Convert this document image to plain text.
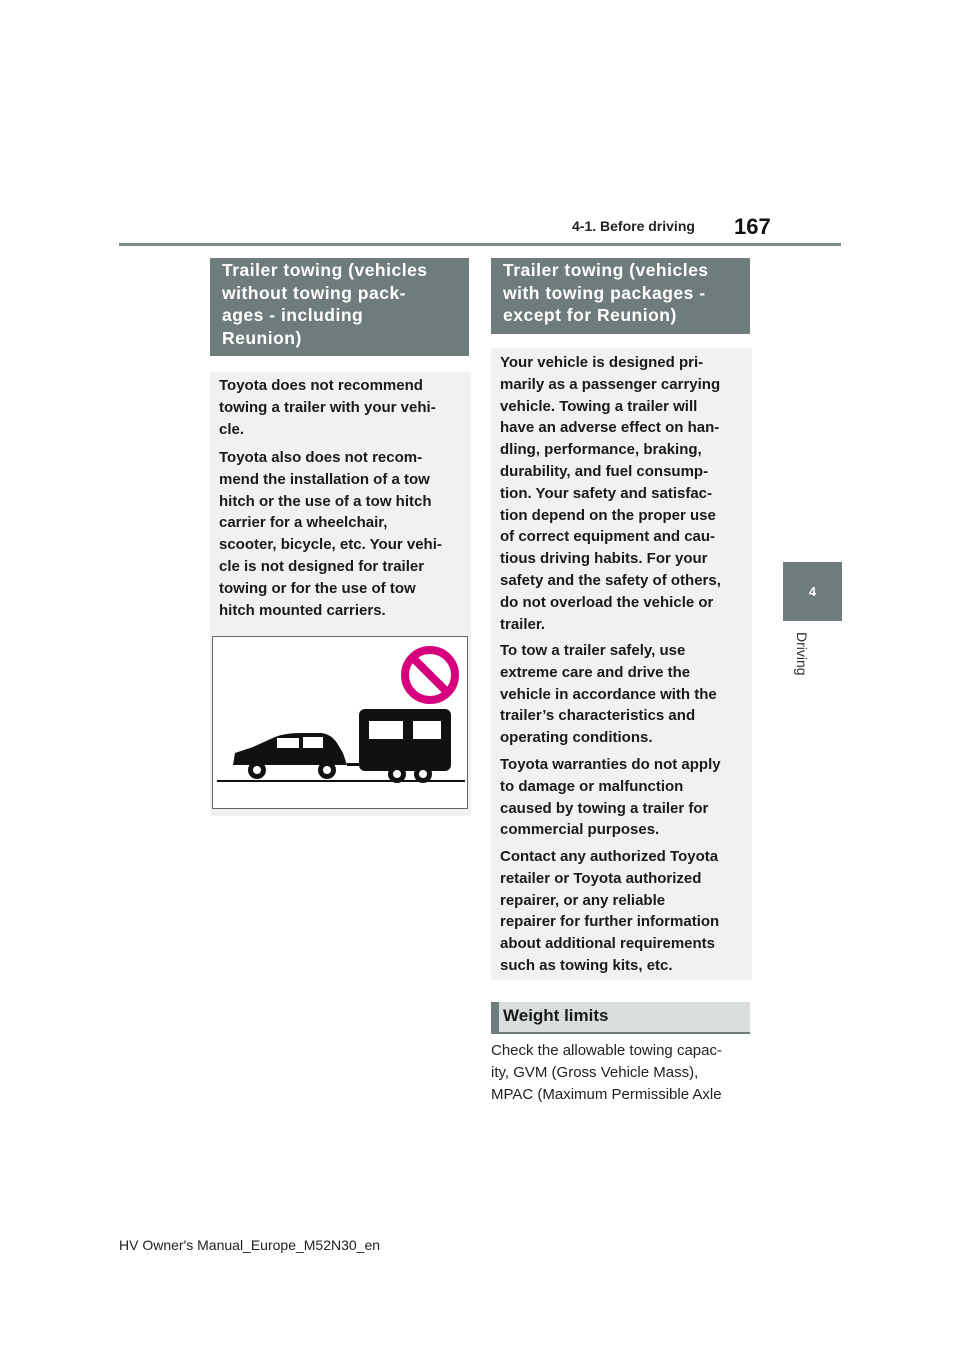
4-1. Before driving 167
4
Driving
Trailer towing (vehicles
without towing pack-
ages - including
Reunion)
Toyota does not recommend
towing a trailer with your vehi-
cle.
Toyota also does not recom-
mend the installation of a tow
hitch or the use of a tow hitch
carrier for a wheelchair,
scooter, bicycle, etc. Your vehi-
cle is not designed for trailer
towing or for the use of tow
hitch mounted carriers.
Trailer towing (vehicles
with towing packages -
except for Reunion)
Your vehicle is designed pri-
marily as a passenger carrying
vehicle. Towing a trailer will
have an adverse effect on han-
dling, performance, braking,
durability, and fuel consump-
tion. Your safety and satisfac-
tion depend on the proper use
of correct equipment and cau-
tious driving habits. For your
safety and the safety of others,
do not overload the vehicle or
trailer.
To tow a trailer safely, use
extreme care and drive the
vehicle in accordance with the
trailer’s characteristics and
operating conditions.
Toyota warranties do not apply
to damage or malfunction
caused by towing a trailer for
commercial purposes.
Contact any authorized Toyota
retailer or Toyota authorized
repairer, or any reliable
repairer for further information
about additional requirements
such as towing kits, etc.
Weight limits
Check the allowable towing capac-
ity, GVM (Gross Vehicle Mass),
MPAC (Maximum Permissible Axle
HV Owner's Manual_Europe_M52N30_en
